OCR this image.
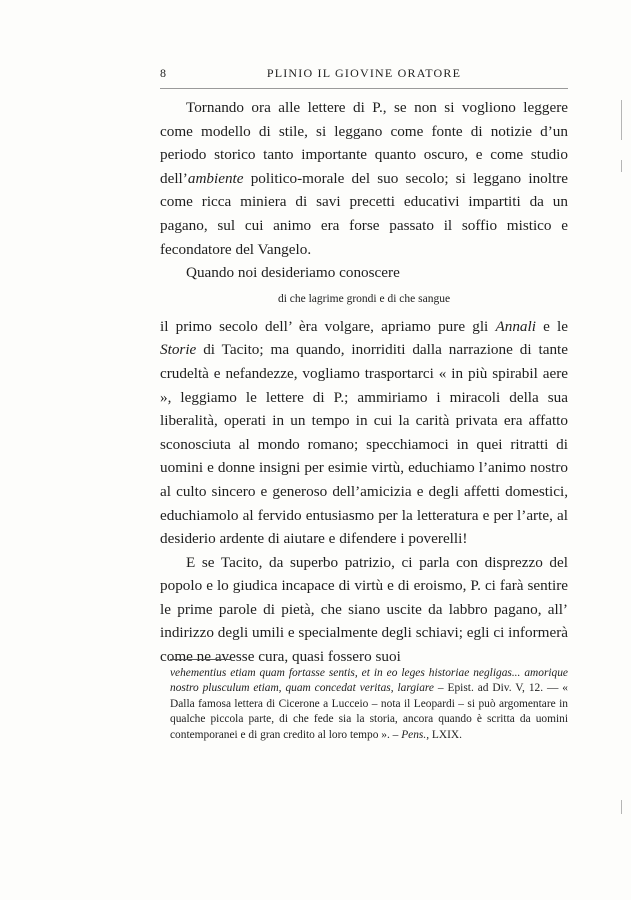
8	PLINIO IL GIOVINE ORATORE

Tornando ora alle lettere di P., se non si vogliono leggere come modello di stile, si leggano come fonte di notizie d’un periodo storico tanto importante quanto oscuro, e come studio dell’ambiente politico-morale del suo secolo; si leggano inoltre come ricca miniera di savi precetti educativi impartiti da un pagano, sul cui animo era forse passato il soffio mistico e fecondatore del Vangelo.

Quando noi desideriamo conoscere

di che lagrime grondi e di che sangue

il primo secolo dell’ èra volgare, apriamo pure gli Annali e le Storie di Tacito; ma quando, inorriditi dalla narrazione di tante crudeltà e nefandezze, vogliamo trasportarci « in più spirabil aere », leggiamo le lettere di P.; ammiriamo i miracoli della sua liberalità, operati in un tempo in cui la carità privata era affatto sconosciuta al mondo romano; specchiamoci in quei ritratti di uomini e donne insigni per esimie virtù, educhiamo l’animo nostro al culto sincero e generoso dell’amicizia e degli affetti domestici, educhiamolo al fervido entusiasmo per la letteratura e per l’arte, al desiderio ardente di aiutare e difendere i poverelli!

E se Tacito, da superbo patrizio, ci parla con disprezzo del popolo e lo giudica incapace di virtù e di eroismo, P. ci farà sentire le prime parole di pietà, che siano uscite da labbro pagano, all’ indirizzo degli umili e specialmente degli schiavi; egli ci informerà come ne avesse cura, quasi fossero suoi

vehementius etiam quam fortasse sentis, et in eo leges historiae negligas... amorique nostro plusculum etiam, quam concedat veritas, largiare – Epist. ad Div. V, 12. — « Dalla famosa lettera di Cicerone a Lucceio – nota il Leopardi – si può argomentare in qualche piccola parte, di che fede sia la storia, ancora quando è scritta da uomini contemporanei e di gran credito al loro tempo ». – Pens., LXIX.
